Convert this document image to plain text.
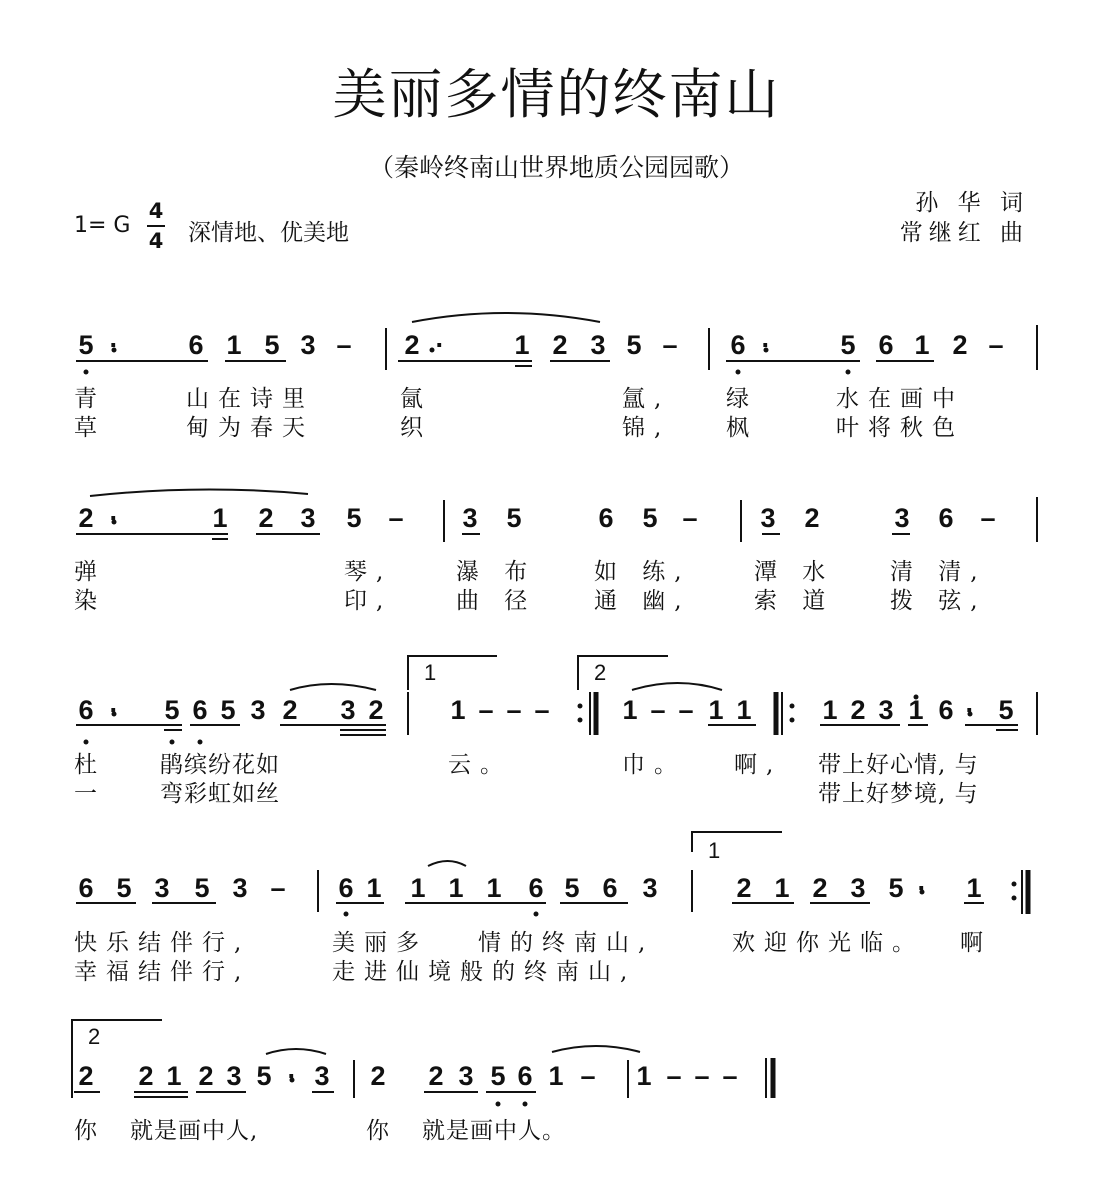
美丽多情的终南山
（秦岭终南山世界地质公园园歌）
1= G
4
4 深情地、优美地
孙 华 词
常继红 曲
1	2
1
2
5 ·	6 1 5 3 – 2 ·	1 2 3 5 – 6 ·	5 6 1 2 –
2 ·	1 2 3 5 – 3 5	6 5 – 3 2	3 6 –
6 · 5 6 5 3 2 3 2 1 – – –	1 – – 1 1	1 2 3 1 6 · 5
6 5 3 5 3 – 6 1 1 1 1 6 5 6 3	2 1 2 3 5 · 1
2 2 1 2 3 5 · 3 2 2 3 5 6 1 – 1 – – –
青	山在诗里	氤	氲, 绿	水在画中
草	甸为春天	织	锦, 枫	叶将秋色
弹	琴,	瀑 布	如 练,	潭 水 清 清,
染	印,	曲 径	通 幽,	索 道 拨 弦,
杜 鹃缤纷花如	云。	巾。 啊, 带上好心情, 与
一 弯彩虹如丝	带上好梦境, 与
快乐结伴行,	美丽多 情的终南山,	欢迎你光临。 啊
幸福结伴行,	走进仙境般的终南山,
你 就是画中人,	你 就是画中人。
